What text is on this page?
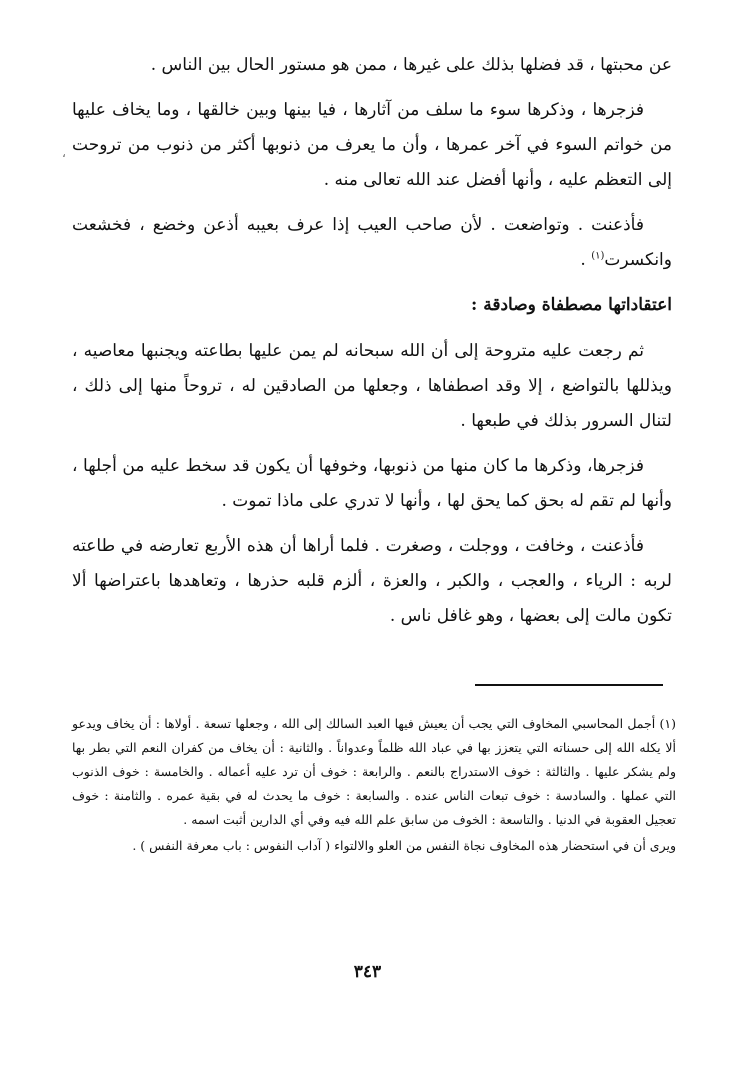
عن محبتها ، قد فضلها بذلك على غيرها ، ممن هو مستور الحال بين الناس .

فزجرها ، وذكرها سوء ما سلف من آثارها ، فيا بينها وبين خالقها ، وما يخاف عليها من خواتم السوء في آخر عمرها ، وأن ما يعرف من ذنوبها أكثر من ذنوب من تروحت إلى التعظم عليه ، وأنها أفضل عند الله تعالى منه .

فأذعنت . وتواضعت . لأن صاحب العيب إذا عرف بعيبه أذعن وخضع ، فخشعت وانكسرت$^{(١)}$ .

اعتقاداتها مصطفاة وصادقة :

ثم رجعت عليه متروحة إلى أن الله سبحانه لم يمن عليها بطاعته ويجنبها معاصيه ، ويذللها بالتواضع ، إلا وقد اصطفاها ، وجعلها من الصادقين له ، تروحاً منها إلى ذلك ، لتنال السرور بذلك في طبعها .

فزجرها، وذكرها ما كان منها من ذنوبها، وخوفها أن يكون قد سخط عليه من أجلها ، وأنها لم تقم له بحق كما يحق لها ، وأنها لا تدري على ماذا تموت .

فأذعنت ، وخافت ، ووجلت ، وصغرت . فلما أراها أن هذه الأربع تعارضه في طاعته لربه : الرياء ، والعجب ، والكبر ، والعزة ، ألزم قلبه حذرها ، وتعاهدها باعتراضها ألا تكون مالت إلى بعضها ، وهو غافل ناس .

،

(١) أجمل المحاسبي المخاوف التي يجب أن يعيش فيها العبد السالك إلى الله ، وجعلها تسعة . أولاها : أن يخاف ويدعو ألا يكله الله إلى حسناته التي يتعزز بها في عباد الله ظلماً وعدواناً . والثانية : أن يخاف من كفران النعم التي بطر بها ولم يشكر عليها . والثالثة : خوف الاستدراج بالنعم . والرابعة : خوف أن ترد عليه أعماله . والخامسة : خوف الذنوب التي عملها . والسادسة : خوف تبعات الناس عنده . والسابعة : خوف ما يحدث له في بقية عمره . والثامنة : خوف تعجيل العقوبة في الدنيا . والتاسعة : الخوف من سابق علم الله فيه وفي أي الدارين أثبت اسمه .

ويرى أن في استحضار هذه المخاوف نجاة النفس من العلو والالتواء ( آداب النفوس : باب معرفة النفس ) .

٣٤٣
